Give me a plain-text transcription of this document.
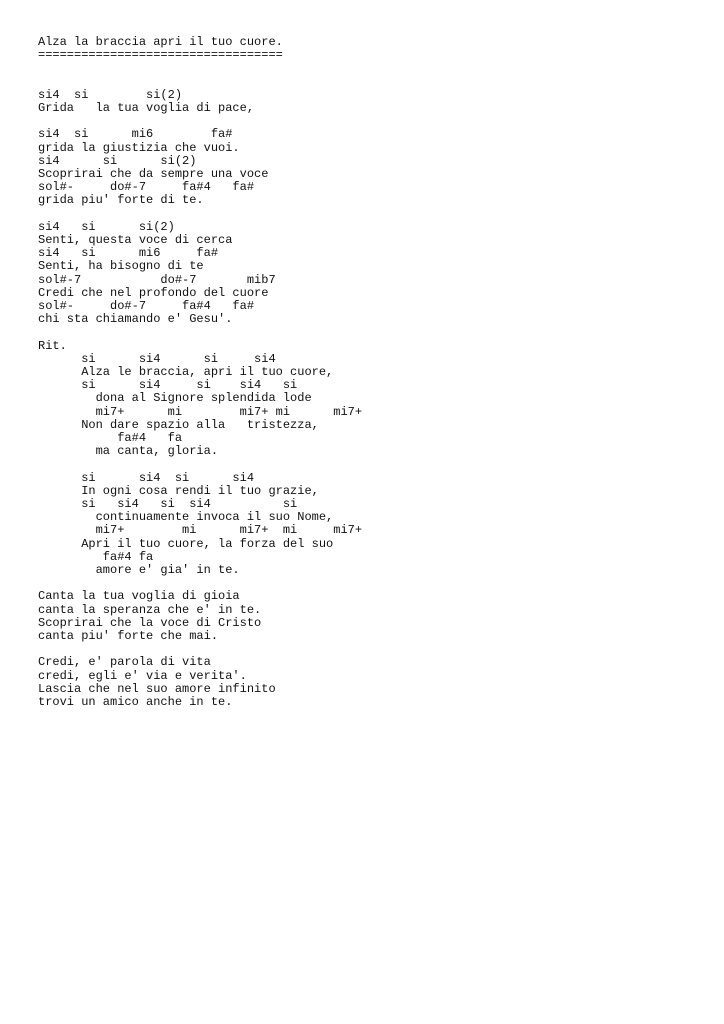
Alza la braccia apri il tuo cuore.
==================================
si4  si        si(2)
Grida   la tua voglia di pace,
si4  si      mi6        fa#
grida la giustizia che vuoi.
si4      si      si(2)
Scoprirai che da sempre una voce
sol#-     do#-7     fa#4   fa#
grida piu' forte di te.
si4   si      si(2)
Senti, questa voce di cerca
si4   si      mi6     fa#
Senti, ha bisogno di te
sol#-7           do#-7       mib7
Credi che nel profondo del cuore
sol#-     do#-7     fa#4   fa#
chi sta chiamando e' Gesu'.
Rit.
si      si4      si     si4
Alza le braccia, apri il tuo cuore,
si      si4     si    si4   si
dona al Signore splendida lode
mi7+      mi        mi7+ mi      mi7+
Non dare spazio alla   tristezza,
fa#4   fa
ma canta, gloria.
si      si4  si      si4
In ogni cosa rendi il tuo grazie,
si   si4   si  si4          si
continuamente invoca il suo Nome,
mi7+        mi      mi7+  mi     mi7+
Apri il tuo cuore, la forza del suo
fa#4 fa
amore e' gia' in te.
Canta la tua voglia di gioia
canta la speranza che e' in te.
Scoprirai che la voce di Cristo
canta piu' forte che mai.
Credi, e' parola di vita
credi, egli e' via e verita'.
Lascia che nel suo amore infinito
trovi un amico anche in te.
